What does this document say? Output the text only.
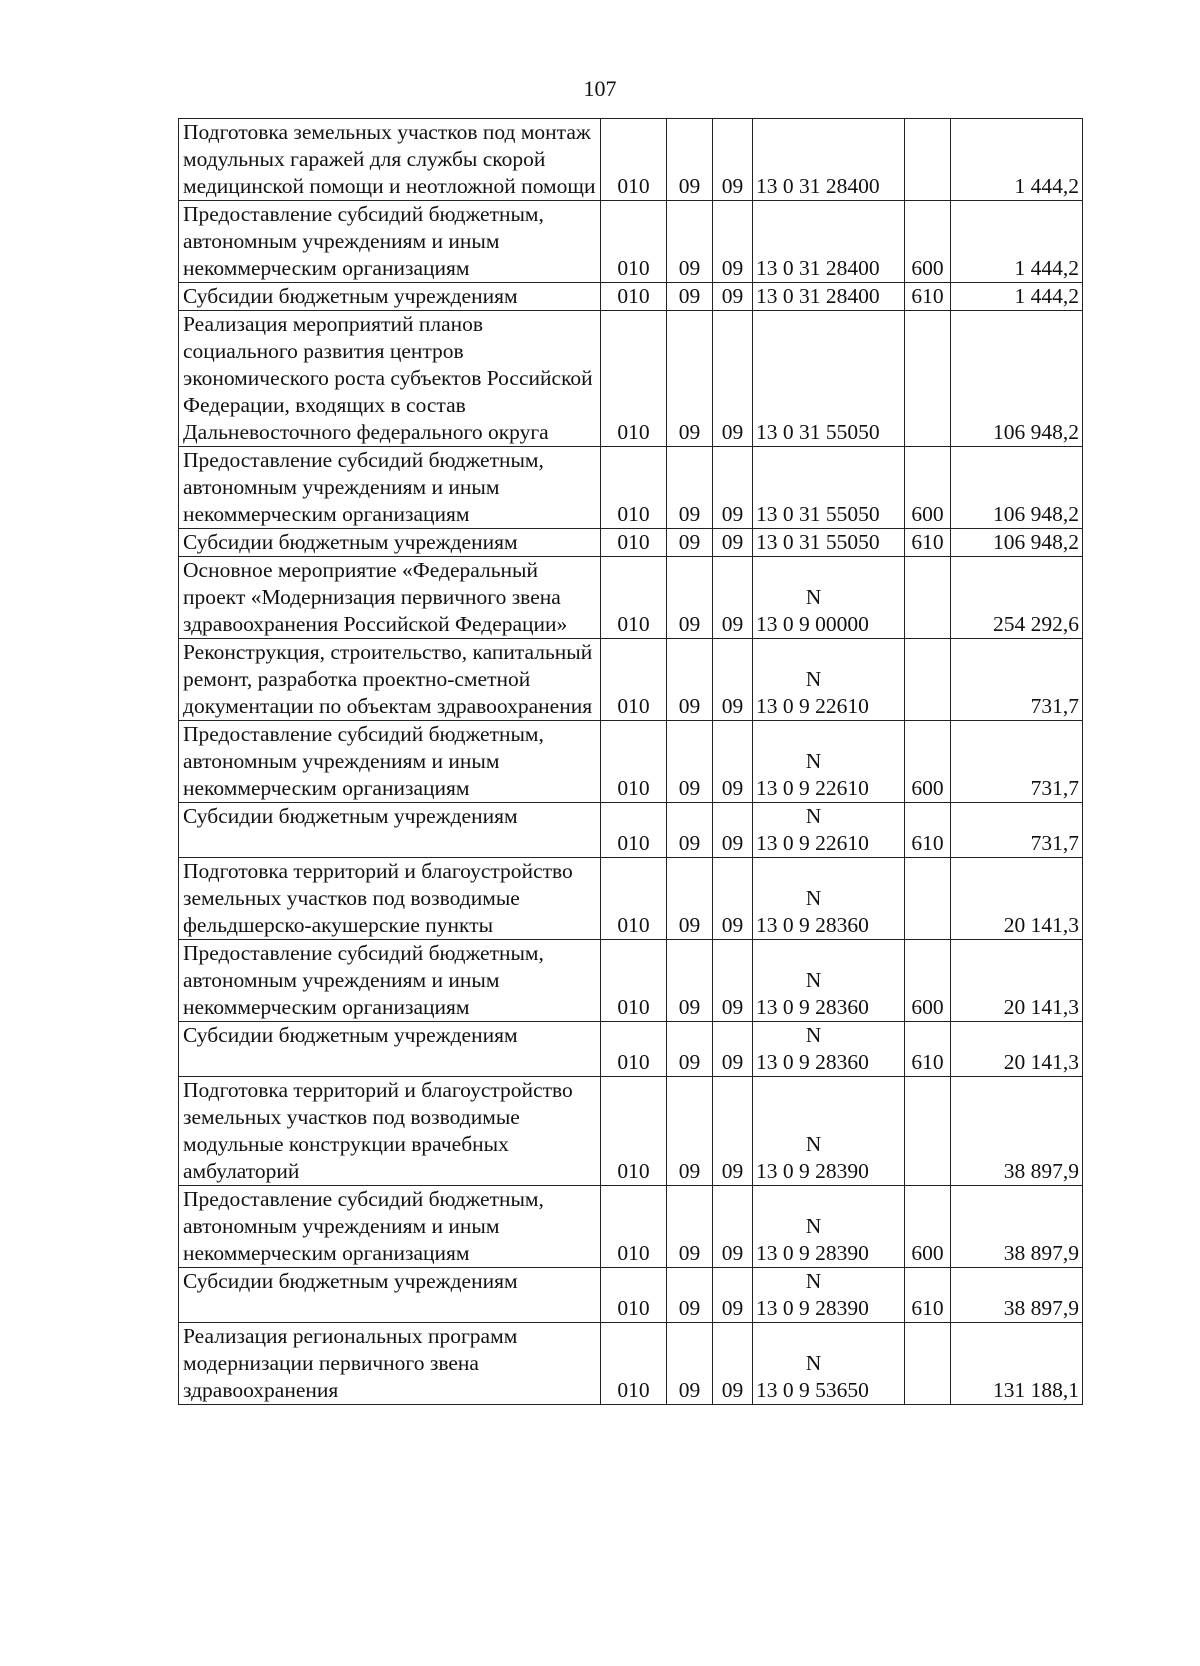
107
Подготовка земельных участков под монтаж модульных гаражей для службы скорой медицинской помощи и неотложной помощи	010	09	09	13 0 31 28400		1 444,2

Предоставление субсидий бюджетным, автономным учреждениям и иным некоммерческим организациям	010	09	09	13 0 31 28400	600	1 444,2

Субсидии бюджетным учреждениям	010	09	09	13 0 31 28400	610	1 444,2

Реализация мероприятий планов социального развития центров экономического роста субъектов Российской Федерации, входящих в состав Дальневосточного федерального округа	010	09	09	13 0 31 55050		106 948,2

Предоставление субсидий бюджетным, автономным учреждениям и иным некоммерческим организациям	010	09	09	13 0 31 55050	600	106 948,2

Субсидии бюджетным учреждениям	010	09	09	13 0 31 55050	610	106 948,2

Основное мероприятие «Федеральный проект «Модернизация первичного звена здравоохранения Российской Федерации»	010	09	09	N
13 0 9 00000		254 292,6

Реконструкция, строительство, капитальный ремонт, разработка проектно-сметной документации по объектам здравоохранения	010	09	09	N
13 0 9 22610		731,7

Предоставление субсидий бюджетным, автономным учреждениям и иным некоммерческим организациям	010	09	09	N
13 0 9 22610	600	731,7

Субсидии бюджетным учреждениям	010	09	09	N
13 0 9 22610	610	731,7

Подготовка территорий и благоустройство земельных участков под возводимые фельдшерско-акушерские пункты	010	09	09	N
13 0 9 28360		20 141,3

Предоставление субсидий бюджетным, автономным учреждениям и иным некоммерческим организациям	010	09	09	N
13 0 9 28360	600	20 141,3

Субсидии бюджетным учреждениям	010	09	09	N
13 0 9 28360	610	20 141,3

Подготовка территорий и благоустройство земельных участков под возводимые модульные конструкции врачебных амбулаторий	010	09	09	N
13 0 9 28390		38 897,9

Предоставление субсидий бюджетным, автономным учреждениям и иным некоммерческим организациям	010	09	09	N
13 0 9 28390	600	38 897,9

Субсидии бюджетным учреждениям	010	09	09	N
13 0 9 28390	610	38 897,9

Реализация региональных программ модернизации первичного звена здравоохранения	010	09	09	N
13 0 9 53650		131 188,1
